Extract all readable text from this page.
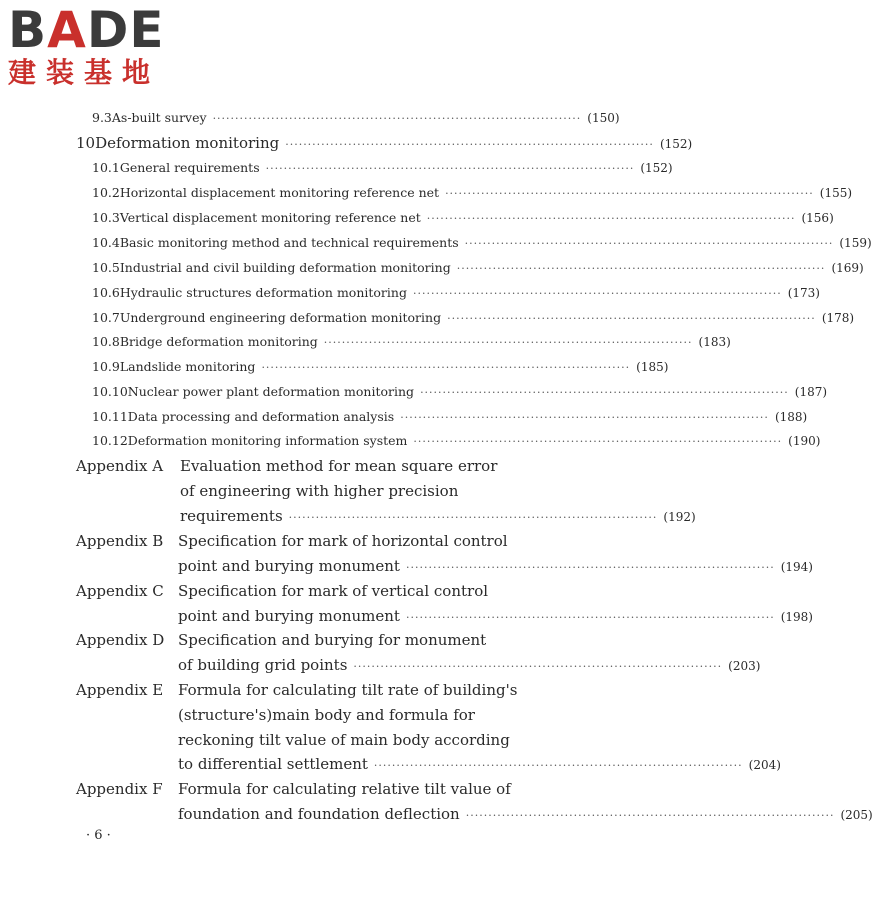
BADE
建装基地
9.3 As-built survey ·················································································· (150)
10 Deformation monitoring ·················································································· (152)
10.1 General requirements ·················································································· (152)
10.2 Horizontal displacement monitoring reference net ·················································································· (155)
10.3 Vertical displacement monitoring reference net ·················································································· (156)
10.4 Basic monitoring method and technical requirements ·················································································· (159)
10.5 Industrial and civil building deformation monitoring ·················································································· (169)
10.6 Hydraulic structures deformation monitoring ·················································································· (173)
10.7 Underground engineering deformation monitoring ·················································································· (178)
10.8 Bridge deformation monitoring ·················································································· (183)
10.9 Landslide monitoring ·················································································· (185)
10.10 Nuclear power plant deformation monitoring ·················································································· (187)
10.11 Data processing and deformation analysis ·················································································· (188)
10.12 Deformation monitoring information system ·················································································· (190)
Appendix A Evaluation method for mean square error
of engineering with higher precision
requirements ·················································································· (192)
Appendix B Specification for mark of horizontal control
point and burying monument ·················································································· (194)
Appendix C Specification for mark of vertical control
point and burying monument ·················································································· (198)
Appendix D Specification and burying for monument
of building grid points ·················································································· (203)
Appendix E Formula for calculating tilt rate of building's
(structure's)main body and formula for
reckoning tilt value of main body according
to differential settlement ·················································································· (204)
Appendix F Formula for calculating relative tilt value of
foundation and foundation deflection ·················································································· (205)
· 6 ·
